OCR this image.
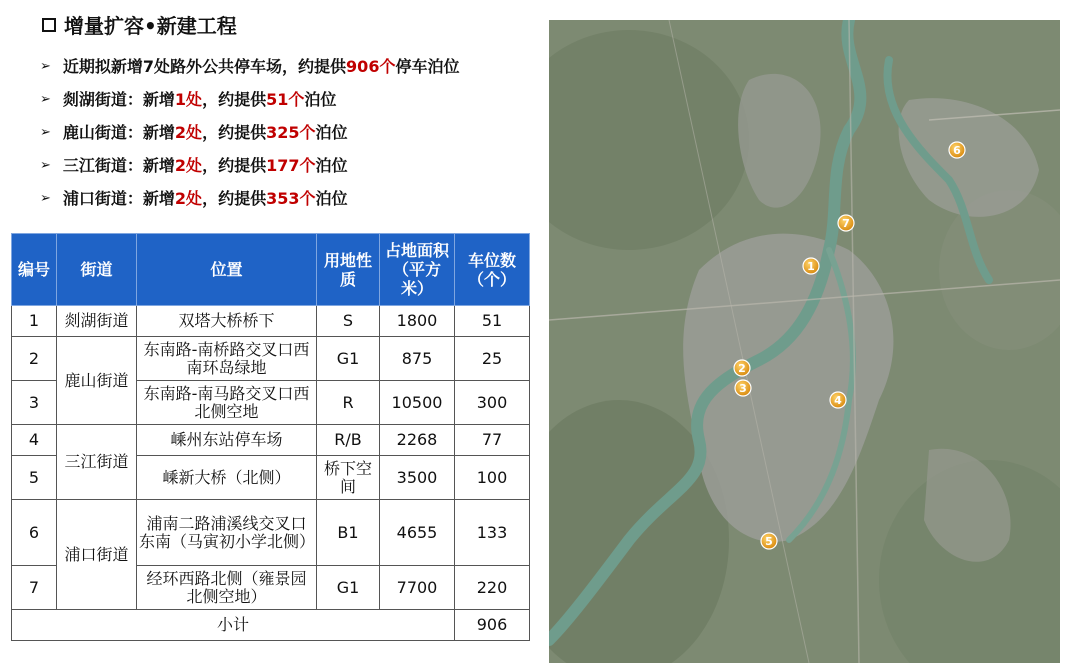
增量扩容•新建工程
➢ 近期拟新增7处路外公共停车场，约提供 906个 停车泊位
➢ 剡湖街道：新增 1处 ，约提供 51个 泊位
➢ 鹿山街道：新增 2处 ，约提供 325个 泊位
➢ 三江街道：新增 2处 ，约提供 177个 泊位
➢ 浦口街道：新增 2处 ，约提供 353个 泊位
编号	街道	位置	用地性质	占地面积（平方米）	车位数（个）
1	剡湖街道	双塔大桥桥下	S	1800	51
2	鹿山街道	东南路-南桥路交叉口西南环岛绿地	G1	875	25
3		东南路-南马路交叉口西北侧空地	R	10500	300
4	三江街道	嵊州东站停车场	R/B	2268	77
5		嵊新大桥（北侧）	桥下空间	3500	100
6	浦口街道	浦南二路浦溪线交叉口东南（马寅初小学北侧）	B1	4655	133
7		经环西路北侧（雍景园北侧空地）	G1	7700	220
小计					906
1
2
3
4
5
6
7
